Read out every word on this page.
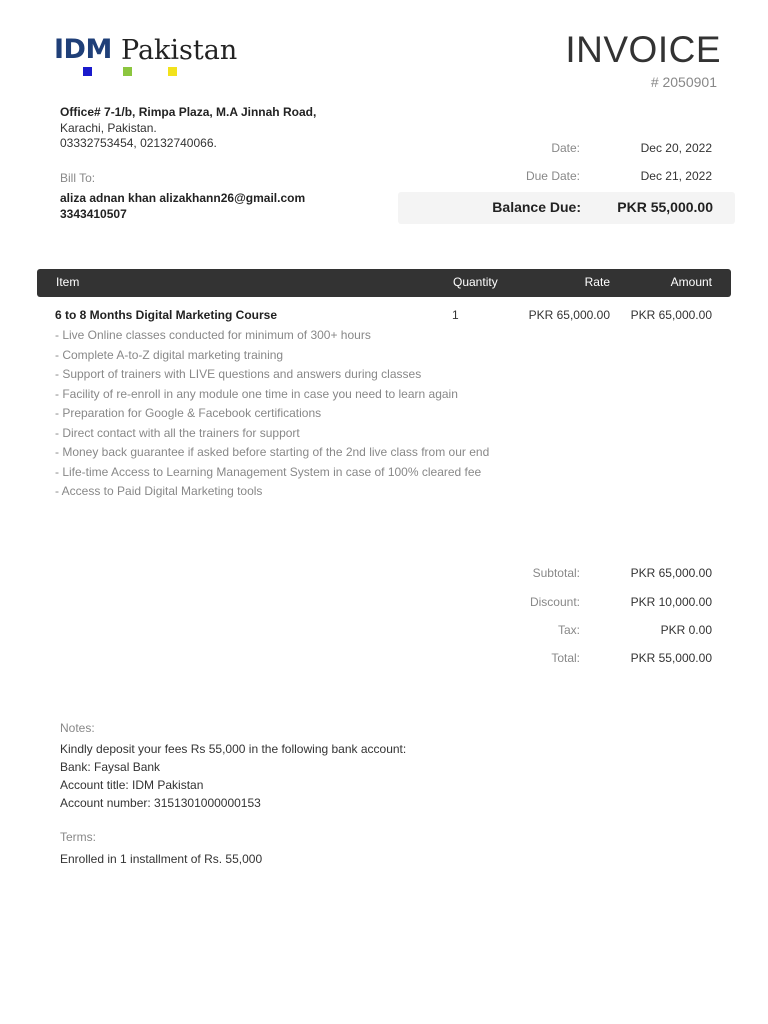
IDM Pakistan	INVOICE
# 2050901
Office# 7-1/b, Rimpa Plaza, M.A Jinnah Road,
Karachi, Pakistan.
03332753454, 02132740066.	Date:	Dec 20, 2022
Due Date:	Dec 21, 2022
Bill To:
aliza adnan khan alizakhann26@gmail.com
3343410507	Balance Due:	PKR 55,000.00
Item	Quantity	Rate	Amount
6 to 8 Months Digital Marketing Course	1	PKR 65,000.00 PKR 65,000.00
- Live Online classes conducted for minimum of 300+ hours
- Complete A-to-Z digital marketing training
- Support of trainers with LIVE questions and answers during classes
- Facility of re-enroll in any module one time in case you need to learn again
- Preparation for Google & Facebook certifications
- Direct contact with all the trainers for support
- Money back guarantee if asked before starting of the 2nd live class from our end
- Life-time Access to Learning Management System in case of 100% cleared fee
- Access to Paid Digital Marketing tools
Subtotal:	PKR 65,000.00
Discount:	PKR 10,000.00
Tax:	PKR 0.00
Total:	PKR 55,000.00
Notes:
Kindly deposit your fees Rs 55,000 in the following bank account:
Bank: Faysal Bank
Account title: IDM Pakistan
Account number: 3151301000000153
Terms:
Enrolled in 1 installment of Rs. 55,000
